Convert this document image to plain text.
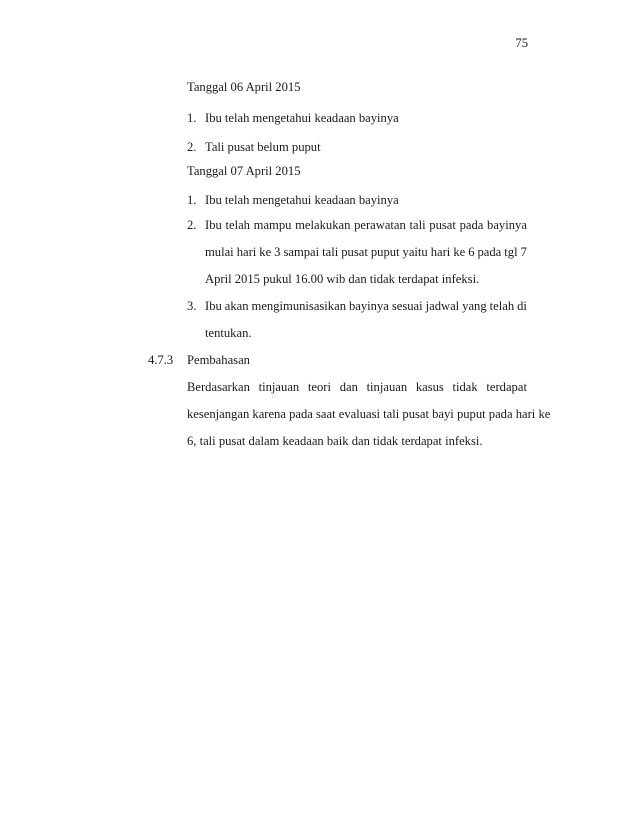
75
Tanggal 06 April 2015
1. Ibu telah mengetahui keadaan bayinya
2. Tali pusat belum puput
Tanggal 07 April 2015
1. Ibu telah mengetahui keadaan bayinya
2. Ibu telah mampu melakukan perawatan tali pusat pada bayinya
mulai hari ke 3 sampai tali pusat puput yaitu hari ke 6 pada tgl 7
April 2015 pukul 16.00 wib dan tidak terdapat infeksi.
3. Ibu akan mengimunisasikan bayinya sesuai jadwal yang telah di
tentukan.
4.7.3 Pembahasan
Berdasarkan tinjauan teori dan tinjauan kasus tidak terdapat
kesenjangan karena pada saat evaluasi tali pusat bayi puput pada hari ke
6, tali pusat dalam keadaan baik dan tidak terdapat infeksi.
